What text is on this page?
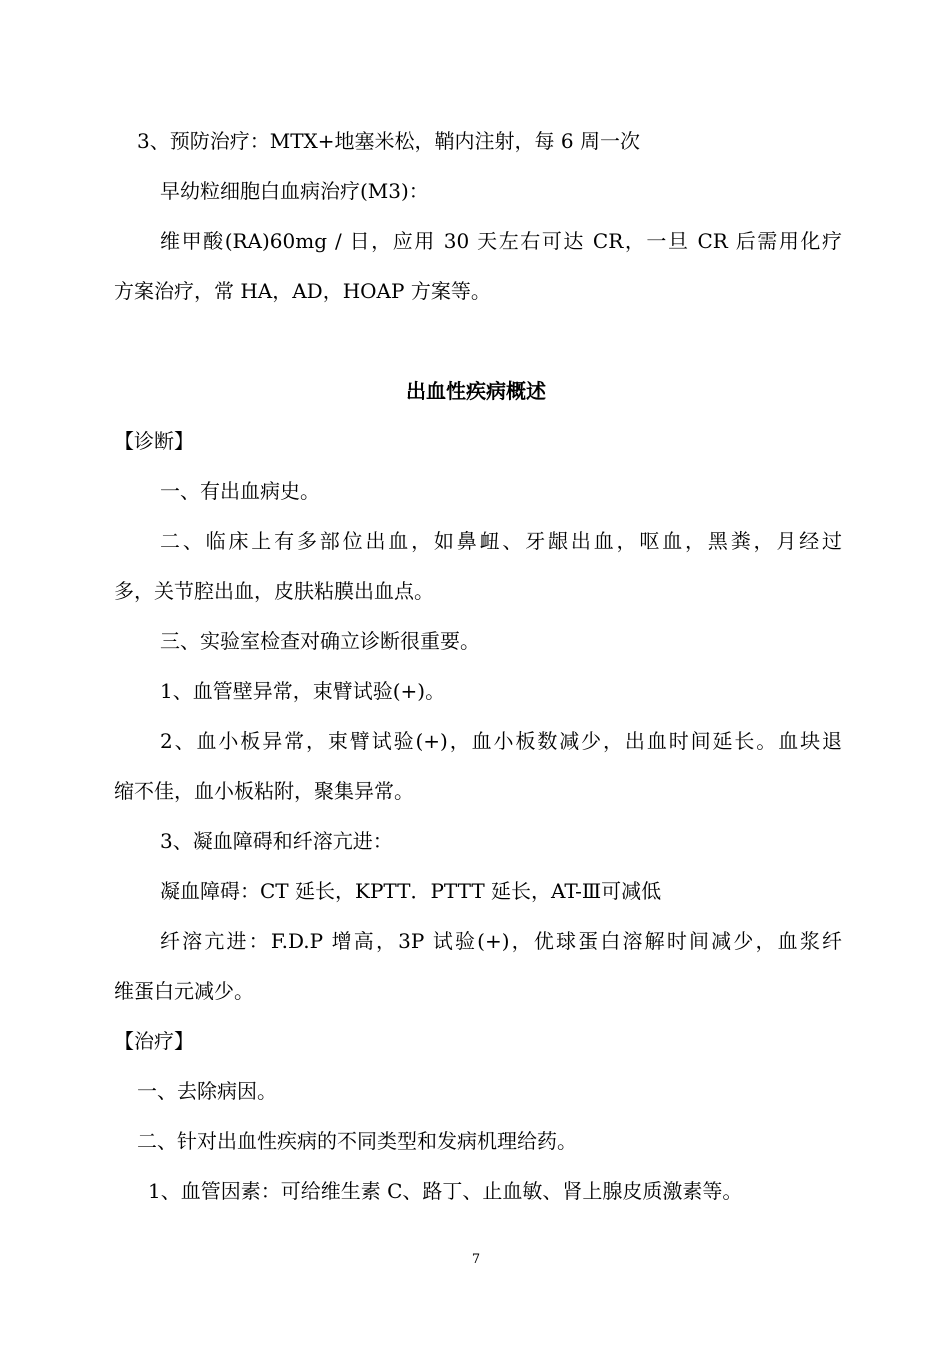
3、预防治疗：MTX+地塞米松，鞘内注射，每 6 周一次

早幼粒细胞白血病治疗(M3)：

维甲酸(RA)60mg / 日，应用 30 天左右可达 CR，一旦 CR 后需用化疗

方案治疗，常 HA，AD，HOAP 方案等。

出血性疾病概述

【诊断】

一、有出血病史。

二、临床上有多部位出血，如鼻衄、牙龈出血，呕血，黑粪，月经过

多，关节腔出血，皮肤粘膜出血点。

三、实验室检查对确立诊断很重要。

1、血管壁异常，束臂试验(+)。

2、血小板异常，束臂试验(+)，血小板数减少，出血时间延长。血块退

缩不佳，血小板粘附，聚集异常。

3、凝血障碍和纤溶亢进：

凝血障碍：CT 延长，KPTT．PTTT 延长，AT-Ⅲ可减低

纤溶亢进：F.D.P 增高，3P 试验(+)，优球蛋白溶解时间减少，血浆纤

维蛋白元减少。

【治疗】

一、去除病因。

二、针对出血性疾病的不同类型和发病机理给药。

1、血管因素：可给维生素 C、路丁、止血敏、肾上腺皮质激素等。

7
